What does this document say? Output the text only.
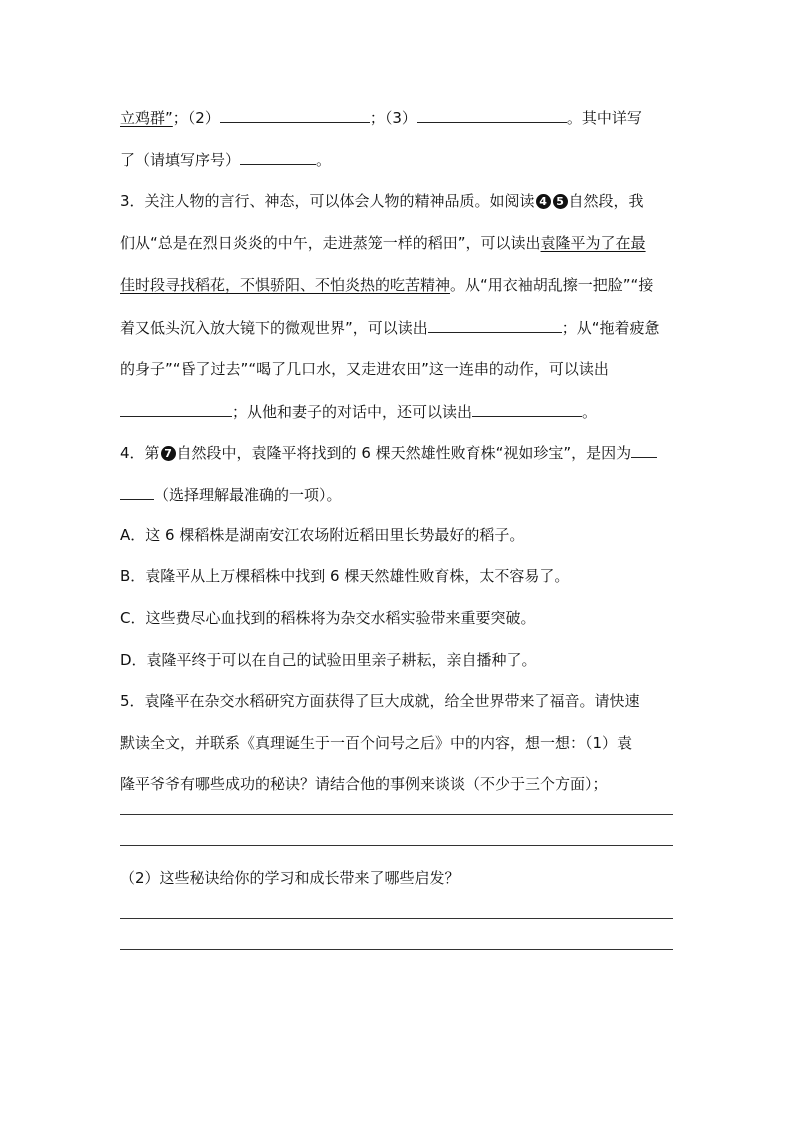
立鸡群”；（2）	；（3）	。其中详写
了（请填写序号）	。
3．关注人物的言行、神态，可以体会人物的精神品质。如阅读 4 5 自然段，我
们从“总是在烈日炎炎的中午，走进蒸笼一样的稻田”，可以读出袁隆平为了在最
佳时段寻找稻花，不惧骄阳、不怕炎热的吃苦精神。从“用衣袖胡乱擦一把脸”“接
着又低头沉入放大镜下的微观世界”，可以读出	；从“拖着疲惫
的身子”“昏了过去”“喝了几口水，又走进农田”这一连串的动作，可以读出
；从他和妻子的对话中，还可以读出	。
4．第 7 自然段中，袁隆平将找到的 6 棵天然雄性败育株“视如珍宝”，是因为
（选择理解最准确的一项）。
A．这 6 棵稻株是湖南安江农场附近稻田里长势最好的稻子。
B．袁隆平从上万棵稻株中找到 6 棵天然雄性败育株，太不容易了。
C．这些费尽心血找到的稻株将为杂交水稻实验带来重要突破。
D．袁隆平终于可以在自己的试验田里亲子耕耘，亲自播种了。
5．袁隆平在杂交水稻研究方面获得了巨大成就，给全世界带来了福音。请快速
默读全文，并联系《真理诞生于一百个问号之后》中的内容，想一想：（1）袁
隆平爷爷有哪些成功的秘诀？请结合他的事例来谈谈（不少于三个方面）；
（2）这些秘诀给你的学习和成长带来了哪些启发？
